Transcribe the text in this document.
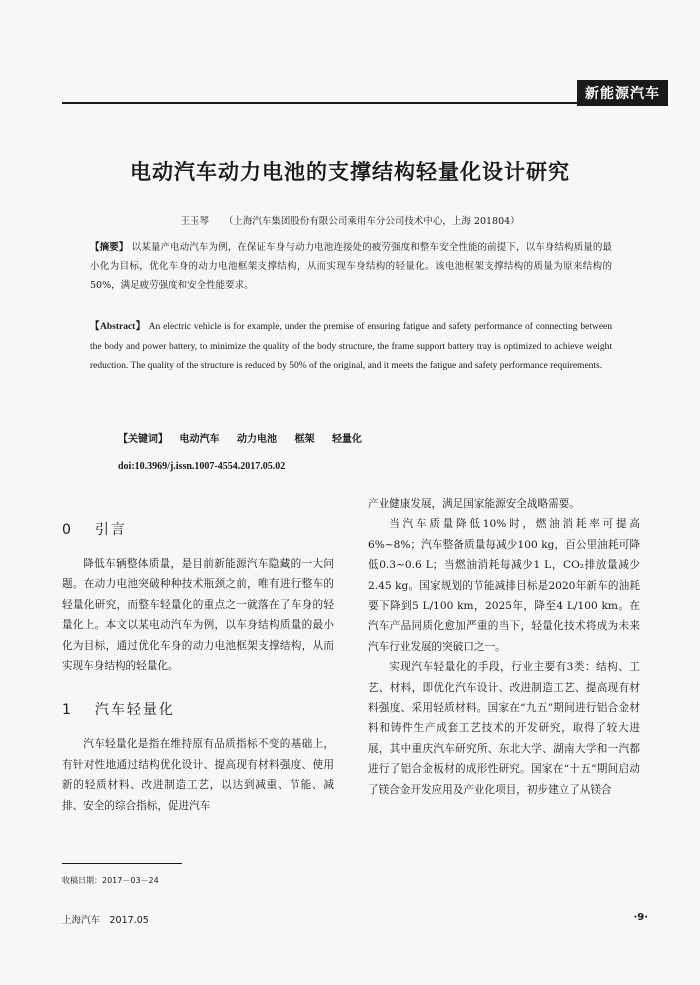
新能源汽车
电动汽车动力电池的支撑结构轻量化设计研究
王玉琴 （上海汽车集团股份有限公司乘用车分公司技术中心，上海 201804）

【摘要】 以某量产电动汽车为例，在保证车身与动力电池连接处的疲劳强度和整车安全性能的前提下，以车身结构质量的最小化为目标，优化车身的动力电池框架支撑结构，从而实现车身结构的轻量化。该电池框架支撑结构的质量为原来结构的50%，满足疲劳强度和安全性能要求。

【Abstract】 An electric vehicle is for example, under the premise of ensuring fatigue and safety performance of connecting between the body and power battery, to minimize the quality of the body structure, the frame support battery tray is optimized to achieve weight reduction. The quality of the structure is reduced by 50% of the original, and it meets the fatigue and safety performance requirements.

【关键词】 电动汽车 动力电池 框架 轻量化
doi:10.3969/j.issn.1007-4554.2017.05.02
0 引言

降低车辆整体质量，是目前新能源汽车隐藏的一大问题。在动力电池突破种种技术瓶颈之前，唯有进行整车的轻量化研究，而整车轻量化的重点之一就落在了车身的轻量化上。本文以某电动汽车为例，以车身结构质量的最小化为目标，通过优化车身的动力电池框架支撑结构，从而实现车身结构的轻量化。

1 汽车轻量化

汽车轻量化是指在维持原有品质指标不变的基础上，有针对性地通过结构优化设计、提高现有材料强度、使用新的轻质材料、改进制造工艺，以达到减重、节能、减排、安全的综合指标，促进汽车

产业健康发展，满足国家能源安全战略需要。

当汽车质量降低10%时，燃油消耗率可提高6%~8%；汽车整备质量每减少100 kg，百公里油耗可降低0.3~0.6 L；当燃油消耗每减少1 L，CO₂排放量减少2.45 kg。国家规划的节能减排目标是2020年新车的油耗要下降到5 L/100 km，2025年，降至4 L/100 km。在汽车产品同质化愈加严重的当下，轻量化技术将成为未来汽车行业发展的突破口之一。

实现汽车轻量化的手段，行业主要有3类：结构、工艺、材料，即优化汽车设计、改进制造工艺、提高现有材料强度、采用轻质材料。国家在“九五”期间进行铝合金材料和铸件生产成套工艺技术的开发研究，取得了较大进展，其中重庆汽车研究所、东北大学、湖南大学和一汽都进行了铝合金板材的成形性研究。国家在“十五”期间启动了镁合金开发应用及产业化项目，初步建立了从镁合

收稿日期：2017－03－24
上海汽车　2017.05	·9·
